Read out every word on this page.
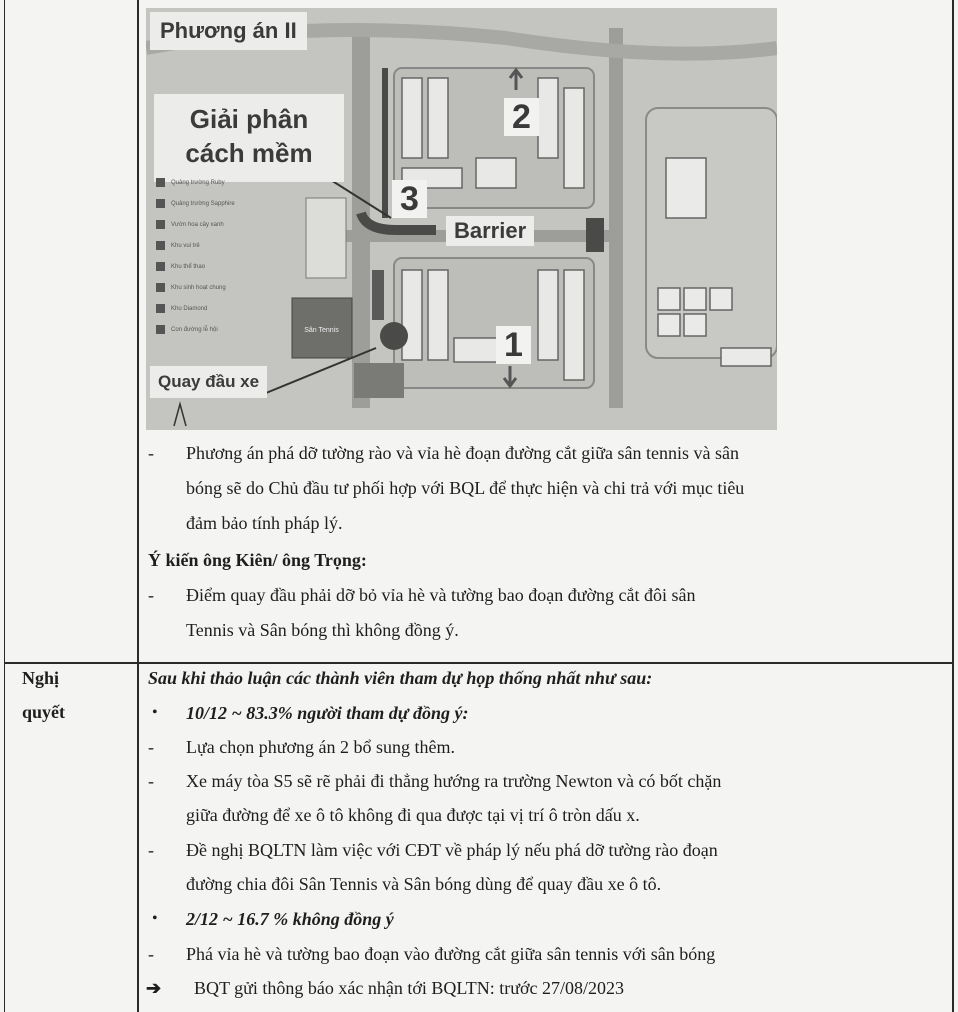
Phương án II
Giải phân
cách mềm
Barrier
Quay đầu xe
2
3
1
Sân Tennis
Quảng trường Ruby
Quảng trường Sapphire
Vườn hoa cây xanh
Khu vui trẻ
Khu thể thao
Khu sinh hoạt chung
Khu Diamond
Con đường lễ hội
- Phương án phá dỡ tường rào và vỉa hè đoạn đường cắt giữa sân tennis và sân
bóng sẽ do Chủ đầu tư phối hợp với BQL để thực hiện và chi trả với mục tiêu
đảm bảo tính pháp lý.
Ý kiến ông Kiên/ ông Trọng:
- Điểm quay đầu phải dỡ bỏ vỉa hè và tường bao đoạn đường cắt đôi sân
Tennis và Sân bóng thì không đồng ý.
Nghị
quyết
Sau khi thảo luận các thành viên tham dự họp thống nhất như sau:
• 10/12 ~ 83.3% người tham dự đồng ý:
- Lựa chọn phương án 2 bổ sung thêm.
- Xe máy tòa S5 sẽ rẽ phải đi thẳng hướng ra trường Newton và có bốt chặn
giữa đường để xe ô tô không đi qua được tại vị trí ô tròn dấu x.
- Đề nghị BQLTN làm việc với CĐT về pháp lý nếu phá dỡ tường rào đoạn
đường chia đôi Sân Tennis và Sân bóng dùng để quay đầu xe ô tô.
• 2/12 ~ 16.7 % không đồng ý
- Phá vỉa hè và tường bao đoạn vào đường cắt giữa sân tennis với sân bóng
➔ BQT gửi thông báo xác nhận tới BQLTN: trước 27/08/2023
